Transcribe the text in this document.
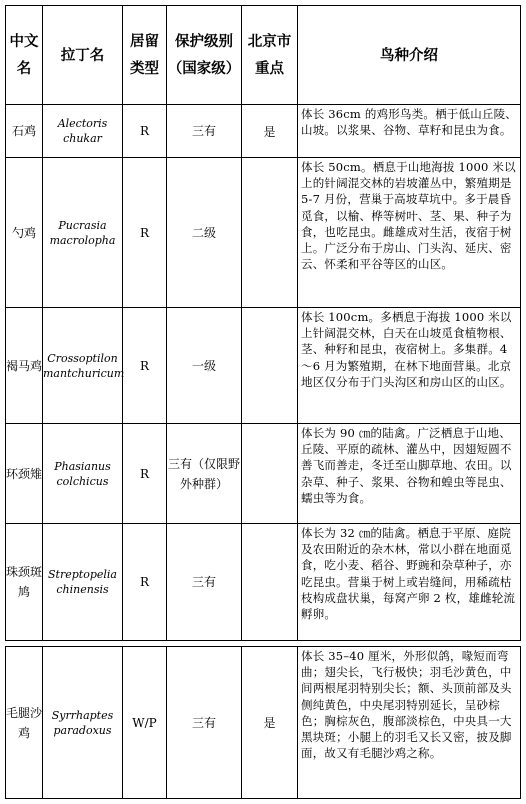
中文名	拉丁名	居留类型	保护级别（国家级）	北京市重点	鸟种介绍
石鸡	Alectoris chukar	R	三有	是	体长 36cm 的鸡形鸟类。栖于低山丘陵、山坡。以浆果、谷物、草籽和昆虫为食。
勺鸡	Pucrasia macrolopha	R	二级		体长 50cm。栖息于山地海拔 1000 米以上的针阔混交林的岩坡灌丛中，繁殖期是 5-7 月份，营巢于高坡草坑中。多于晨昏觅食，以榆、桦等树叶、茎、果、种子为食，也吃昆虫。雌雄成对生活，夜宿于树上。广泛分布于房山、门头沟、延庆、密云、怀柔和平谷等区的山区。
褐马鸡	Crossoptilon mantchuricum	R	一级		体长 100cm。多栖息于海拔 1000 米以上针阔混交林，白天在山坡觅食植物根、茎、种籽和昆虫，夜宿树上。多集群。4～6 月为繁殖期，在林下地面营巢。北京地区仅分布于门头沟区和房山区的山区。
环颈雉	Phasianus colchicus	R	三有（仅限野外种群）		体长为 90 ㎝的陆禽。广泛栖息于山地、丘陵、平原的疏林、灌丛中，因翅短圆不善飞而善走，冬迁至山脚草地、农田。以杂草、种子、浆果、谷物和蝗虫等昆虫、蠕虫等为食。
珠颈斑鸠	Streptopelia chinensis	R	三有		体长为 32 ㎝的陆禽。栖息于平原、庭院及农田附近的杂木林，常以小群在地面觅食，吃小麦、稻谷、野豌和杂草种子，亦吃昆虫。营巢于树上或岩缝间，用稀疏枯枝构成盘状巢，每窝产卵 2 枚，雄雌轮流孵卵。
毛腿沙鸡	Syrrhaptes paradoxus	W/P	三有	是	体长 35–40 厘米，外形似鸽，喙短而弯曲；翅尖长，飞行极快；羽毛沙黄色，中间两根尾羽特别尖长；额、头顶前部及头侧纯黄色，中央尾羽特别延长，呈砂棕色；胸棕灰色，腹部淡棕色，中央具一大黑块斑；小腿上的羽毛又长又密，披及脚面，故又有毛腿沙鸡之称。
